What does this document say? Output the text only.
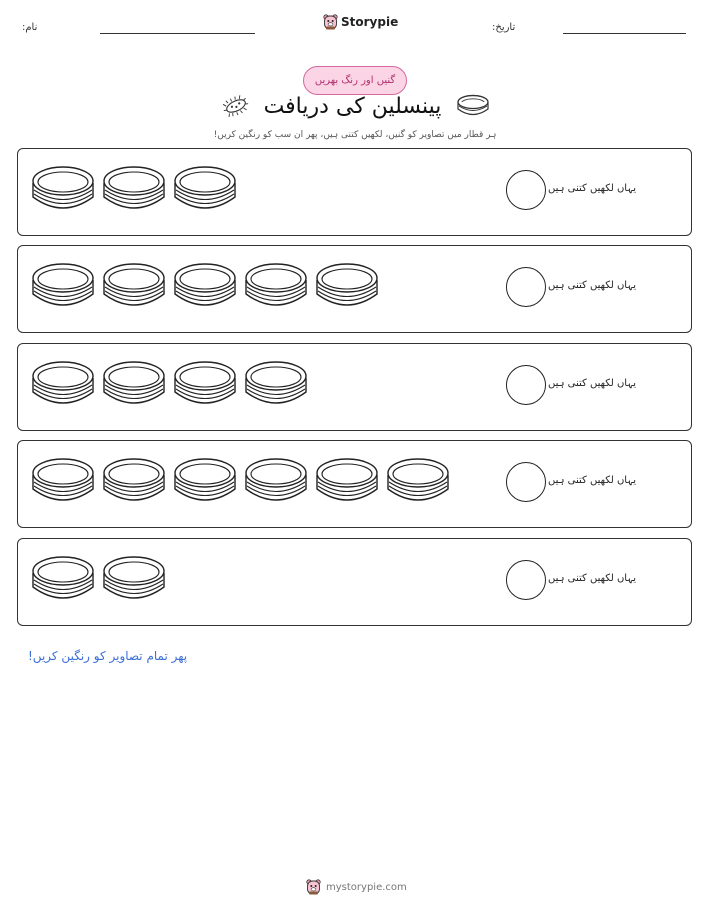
نام:	Storypie	تاریخ:
گنیں اور رنگ بھریں
پینسلین کی دریافت
ہر قطار میں تصاویر کو گنیں، لکھیں کتنی ہیں، پھر ان سب کو رنگین کریں!
یہاں لکھیں کتنی ہیں
یہاں لکھیں کتنی ہیں
یہاں لکھیں کتنی ہیں
یہاں لکھیں کتنی ہیں
یہاں لکھیں کتنی ہیں
پھر تمام تصاویر کو رنگین کریں!
mystorypie.com
